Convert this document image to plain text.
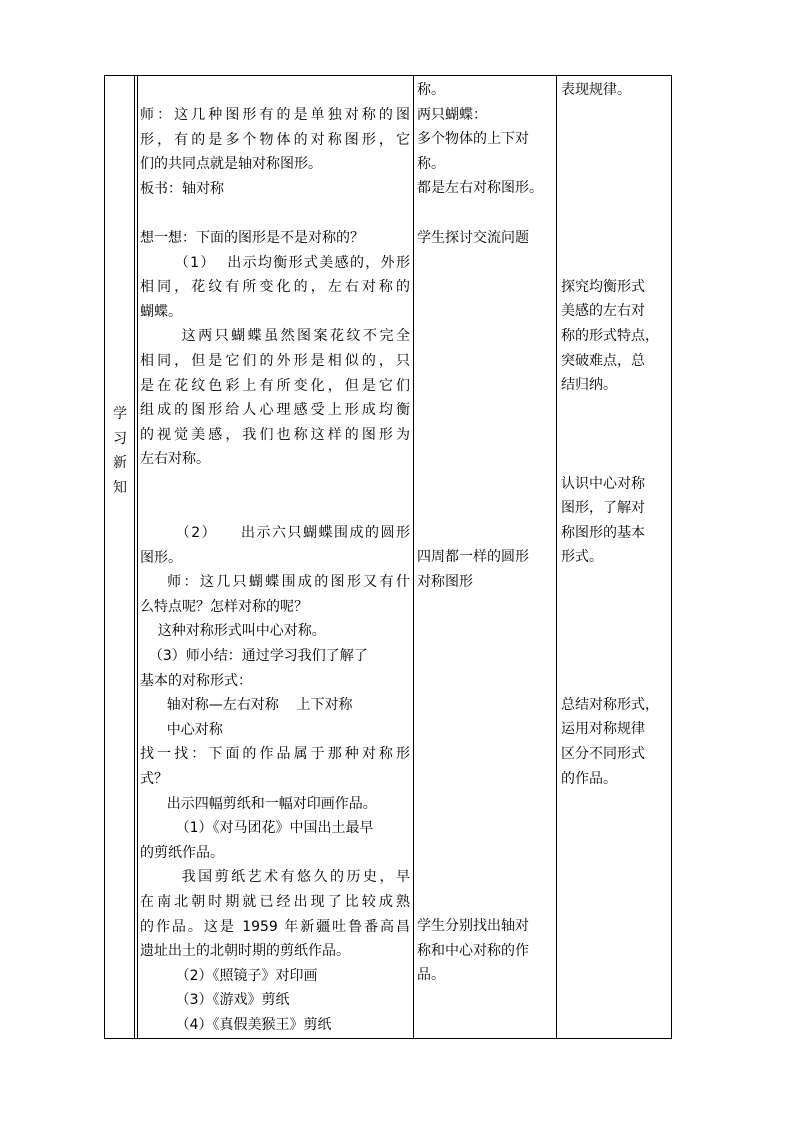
学
习
新
知
师：这几种图形有的是单独对称的图
形，有的是多个物体的对称图形，它
们的共同点就是轴对称图形。
板书：轴对称
想一想：下面的图形是不是对称的？
（1）  出示均衡形式美感的，外形
相同，花纹有所变化的，左右对称的
蝴蝶。
这两只蝴蝶虽然图案花纹不完全
相同，但是它们的外形是相似的，只
是在花纹色彩上有所变化，但是它们
组成的图形给人心理感受上形成均衡
的视觉美感，我们也称这样的图形为
左右对称。
（2）    出示六只蝴蝶围成的圆形
图形。
师：这几只蝴蝶围成的图形又有什
么特点呢？怎样对称的呢？
这种对称形式叫中心对称。
（3）师小结：通过学习我们了解了
基本的对称形式：
轴对称—左右对称    上下对称
中心对称
找一找：下面的作品属于那种对称形
式？
出示四幅剪纸和一幅对印画作品。
（1）《对马团花》中国出土最早
的剪纸作品。
我国剪纸艺术有悠久的历史，早
在南北朝时期就已经出现了比较成熟
的作品。这是 1959 年新疆吐鲁番高昌
遗址出土的北朝时期的剪纸作品。
（2）《照镜子》对印画
（3）《游戏》剪纸
（4）《真假美猴王》剪纸
称。
两只蝴蝶：
多个物体的上下对
称。
都是左右对称图形。
学生探讨交流问题
四周都一样的圆形
对称图形
学生分别找出轴对
称和中心对称的作
品。
表现规律。
探究均衡形式
美感的左右对
称的形式特点，
突破难点，总
结归纳。
认识中心对称
图形，了解对
称图形的基本
形式。
总结对称形式，
运用对称规律
区分不同形式
的作品。
